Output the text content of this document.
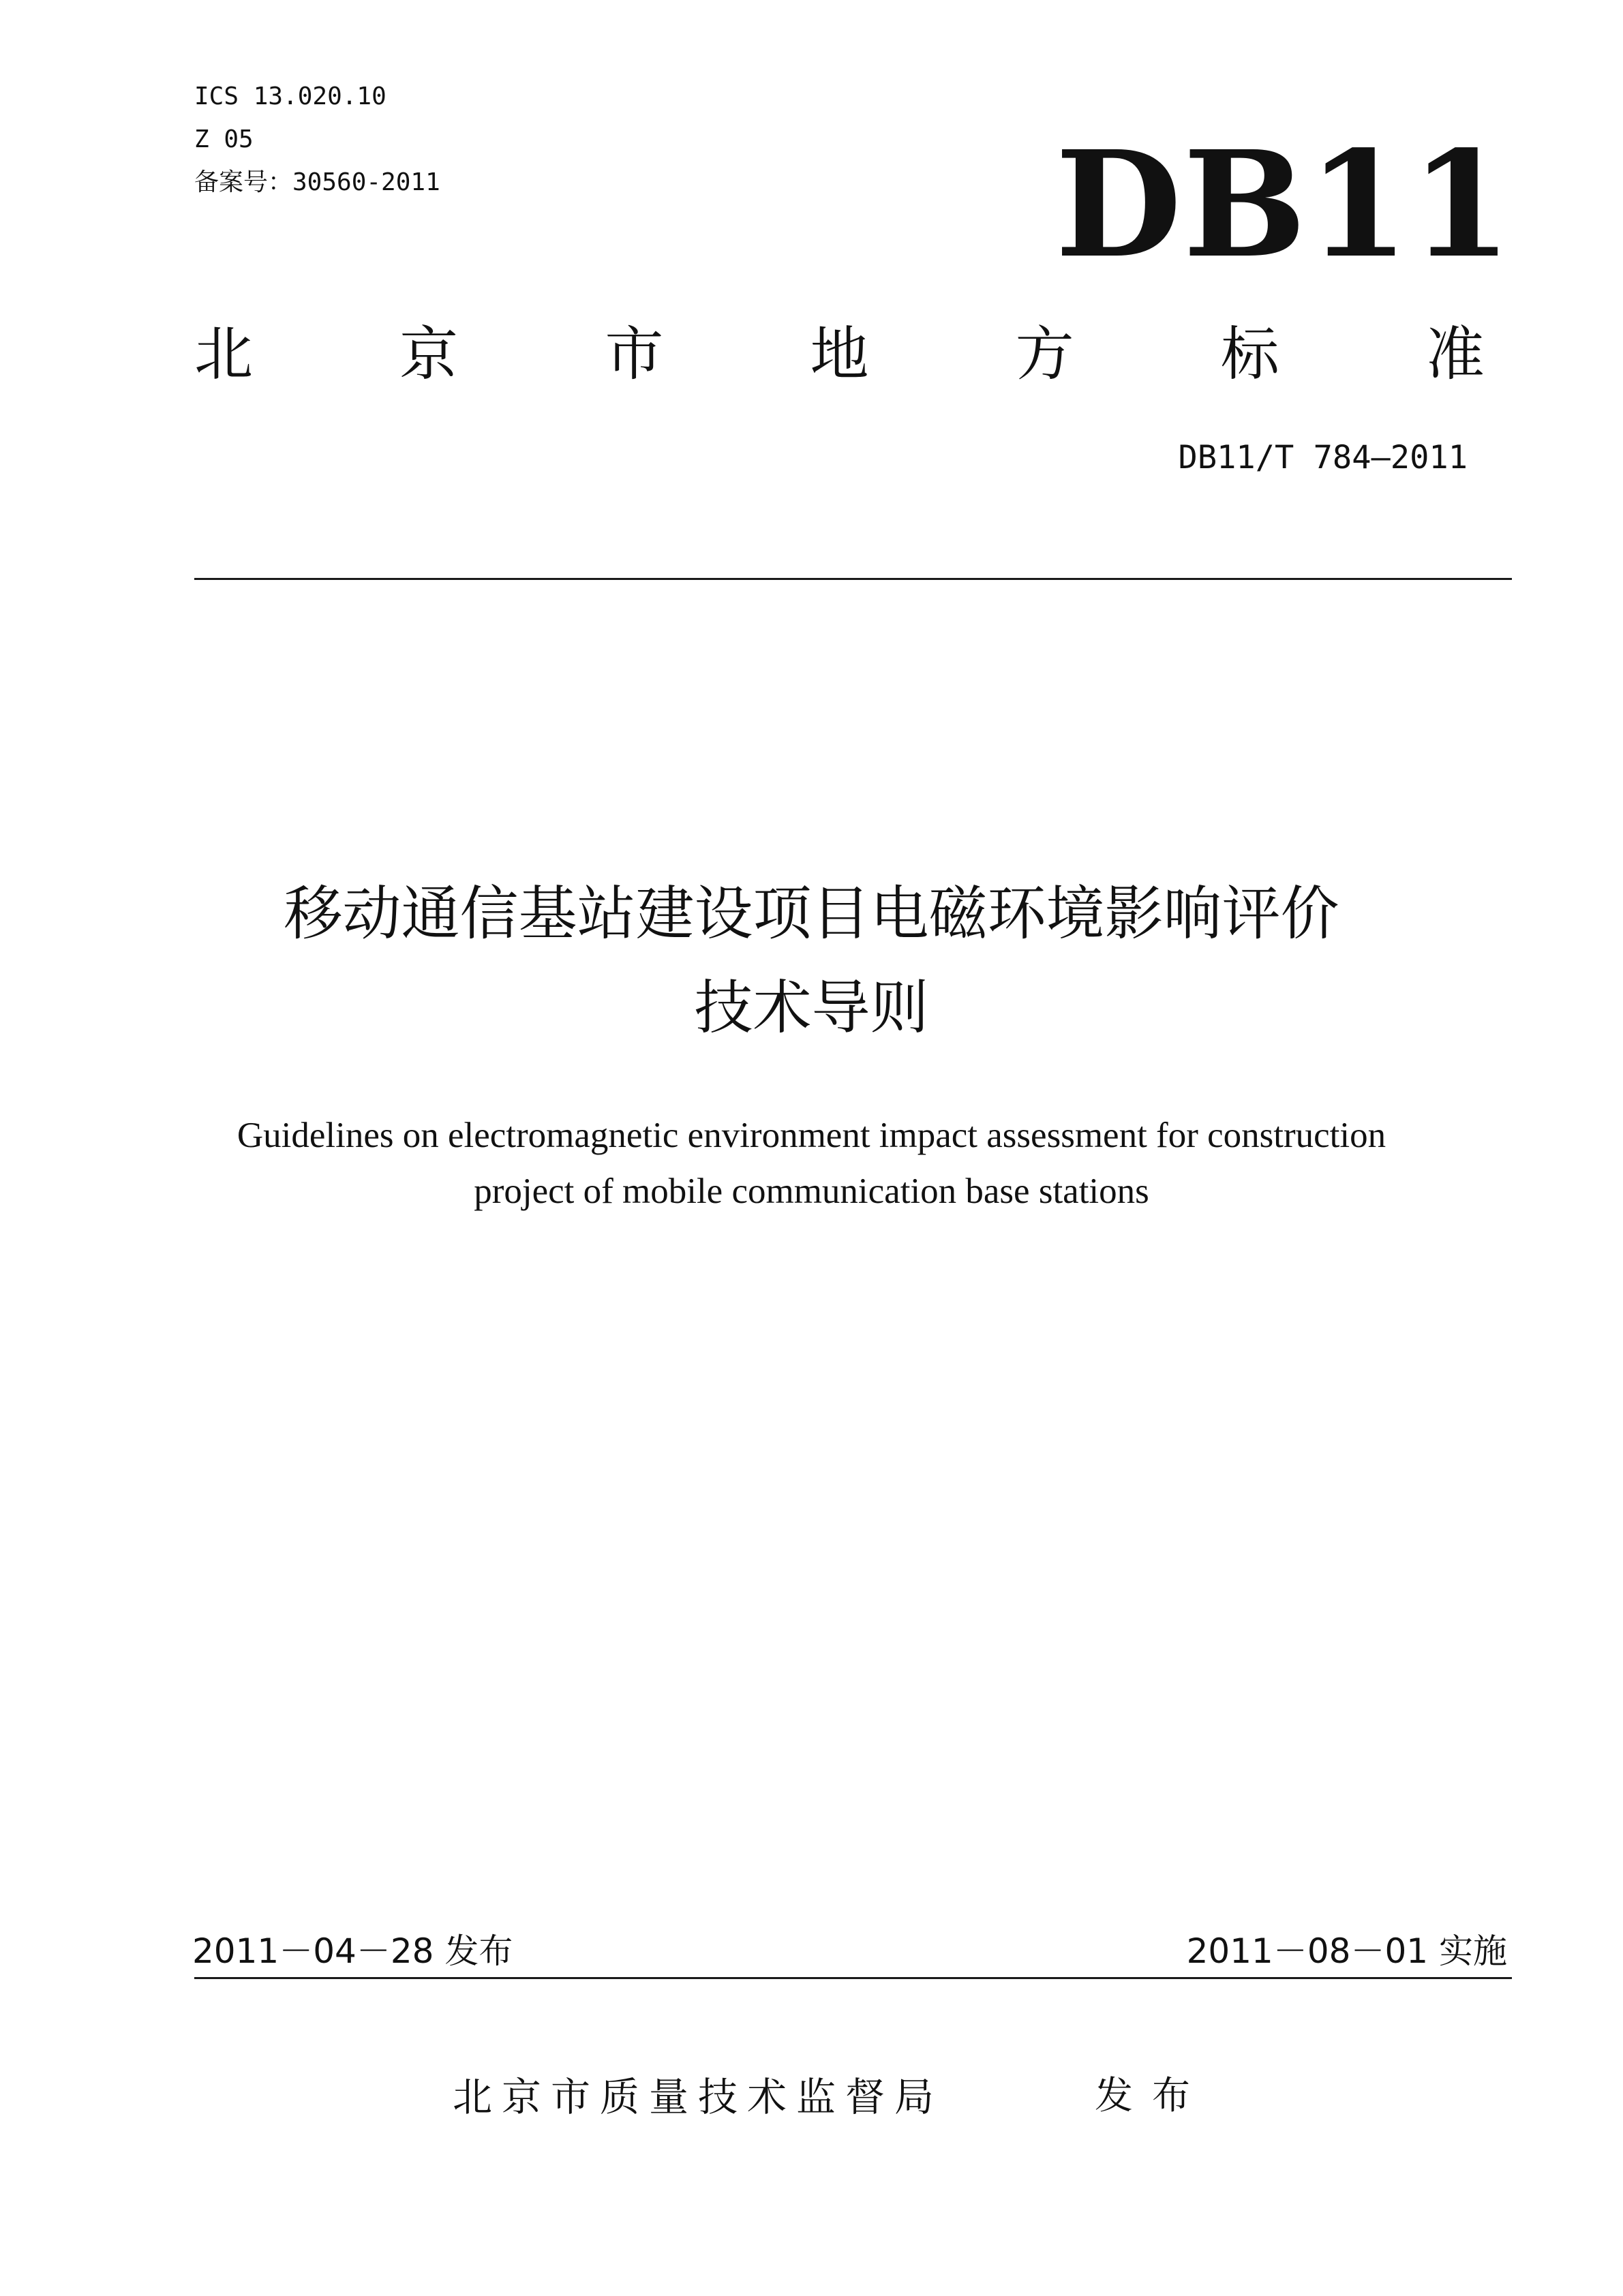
ICS 13.020.10
Z 05
备案号：30560-2011	DB11
北	京	市	地	方	标	准
DB11/T 784—2011
移动通信基站建设项目电磁环境影响评价
技术导则
Guidelines on electromagnetic environment impact assessment for construction
project of mobile communication base stations
2011－04－28 发布	2011－08－01 实施
北京市质量技术监督局	发布
